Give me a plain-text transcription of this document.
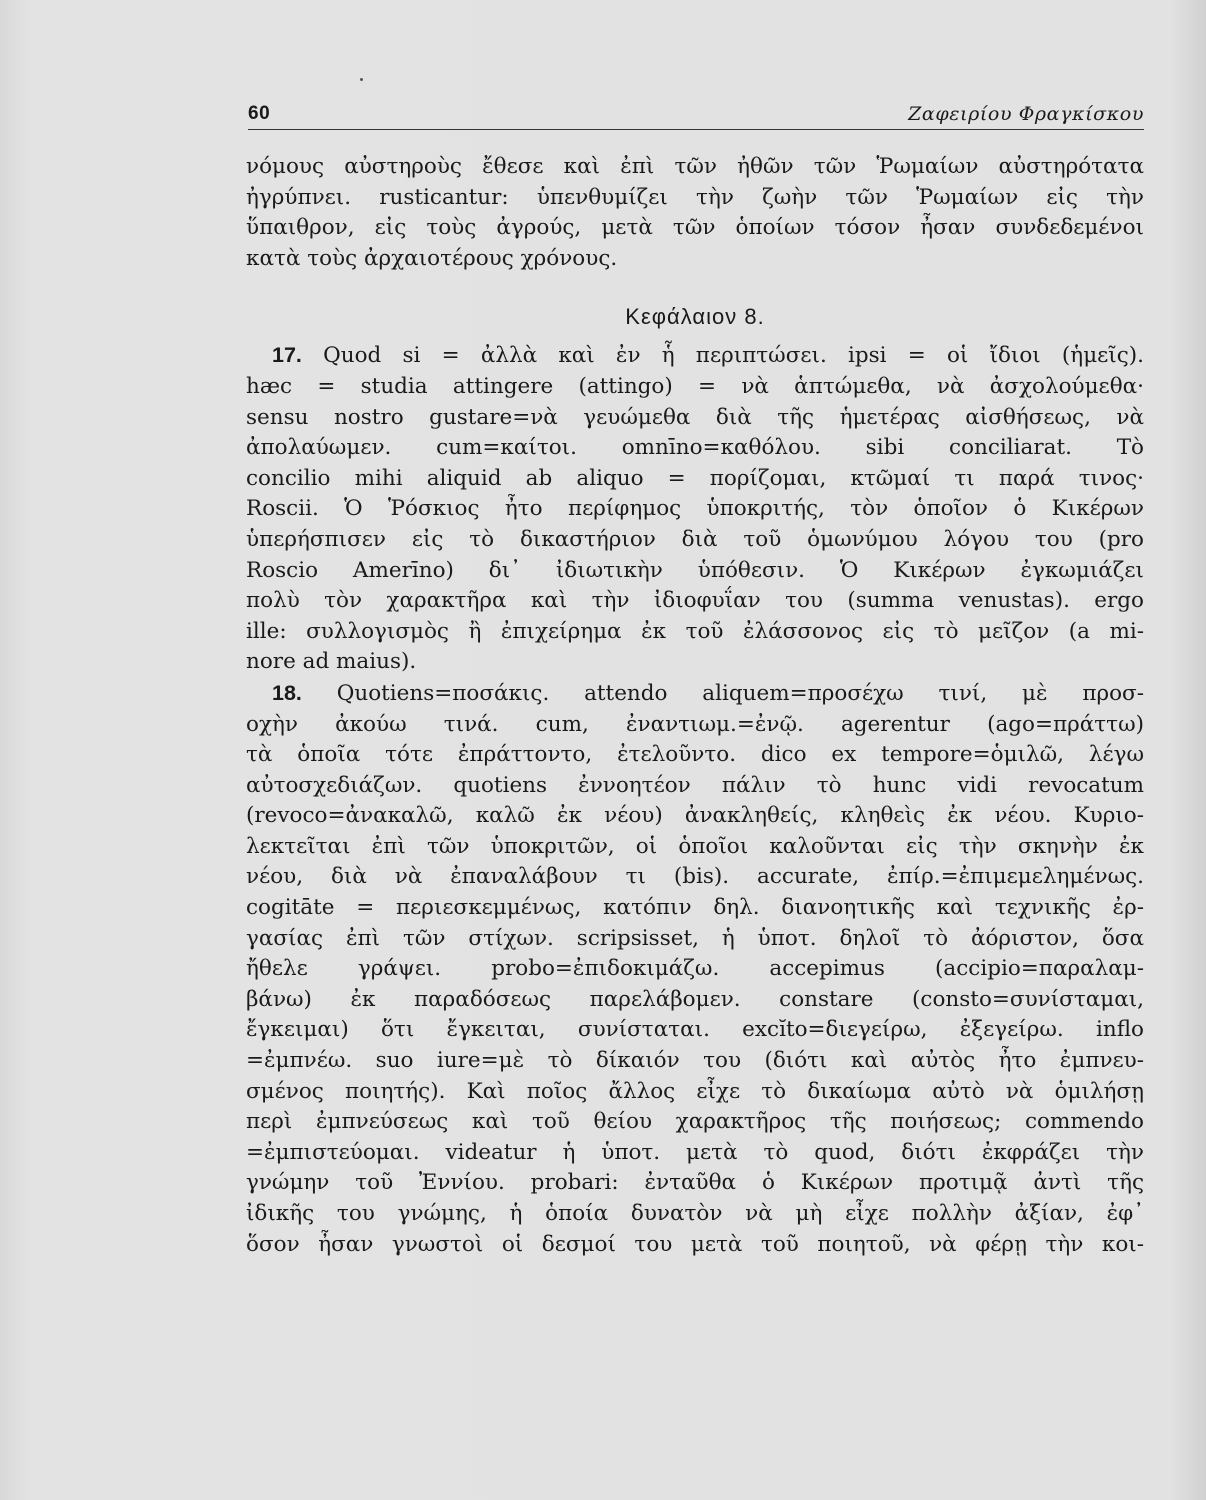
60	Ζαφειρίου Φραγκίσκου
νόμους αὐστηροὺς ἔθεσε καὶ ἐπὶ τῶν ἠθῶν τῶν Ῥωμαίων αὐστηρότατα
ἠγρύπνει. rusticantur: ὑπενθυμίζει τὴν ζωὴν τῶν Ῥωμαίων εἰς τὴν
ὕπαιθρον, εἰς τοὺς ἀγρούς, μετὰ τῶν ὁποίων τόσον ἦσαν συνδεδεμένοι
κατὰ τοὺς ἀρχαιοτέρους χρόνους.
Κεφάλαιον 8.
17. Quod si = ἀλλὰ καὶ ἐν ἧ περιπτώσει. ipsi = οἱ ἴδιοι (ἡμεῖς).
hæc = studia attingere (attingo) = νὰ ἁπτώμεθα, νὰ ἀσχολούμεθα·
sensu nostro gustare=νὰ γευώμεθα διὰ τῆς ἡμετέρας αἰσθήσεως, νὰ
ἀπολαύωμεν. cum=καίτοι. omnīno=καθόλου. sibi conciliarat. Τὸ
concilio mihi aliquid ab aliquo = πορίζομαι, κτῶμαί τι παρά τινος·
Roscii. Ὁ Ῥόσκιος ἦτο περίφημος ὑποκριτής, τὸν ὁποῖον ὁ Κικέρων
ὑπερήσπισεν εἰς τὸ δικαστήριον διὰ τοῦ ὁμωνύμου λόγου του (pro
Roscio Amerīno) δι᾿ ἰδιωτικὴν ὑπόθεσιν. Ὁ Κικέρων ἐγκωμιάζει
πολὺ τὸν χαρακτῆρα καὶ τὴν ἰδιοφυΐαν του (summa venustas). ergo
ille: συλλογισμὸς ἢ ἐπιχείρημα ἐκ τοῦ ἐλάσσονος εἰς τὸ μεῖζον (a mi-
nore ad maius).
18. Quotiens=ποσάκις. attendo aliquem=προσέχω τινί, μὲ προσ-
οχὴν ἀκούω τινά. cum, ἐναντιωμ.=ἐνῷ. agerentur (ago=πράττω)
τὰ ὁποῖα τότε ἐπράττοντο, ἐτελοῦντο. dico ex tempore=ὁμιλῶ, λέγω
αὐτοσχεδιάζων. quotiens ἐννοητέον πάλιν τὸ hunc vidi revocatum
(revoco=ἀνακαλῶ, καλῶ ἐκ νέου) ἀνακληθείς, κληθεὶς ἐκ νέου. Κυριο-
λεκτεῖται ἐπὶ τῶν ὑποκριτῶν, οἱ ὁποῖοι καλοῦνται εἰς τὴν σκηνὴν ἐκ
νέου, διὰ νὰ ἐπαναλάβουν τι (bis). accurate, ἐπίρ.=ἐπιμεμελημένως.
cogitāte = περιεσκεμμένως, κατόπιν δηλ. διανοητικῆς καὶ τεχνικῆς ἐρ-
γασίας ἐπὶ τῶν στίχων. scripsisset, ἡ ὑποτ. δηλοῖ τὸ ἀόριστον, ὅσα
ἤθελε γράψει. probo=ἐπιδοκιμάζω. accepimus (accipio=παραλαμ-
βάνω) ἐκ παραδόσεως παρελάβομεν. constare (consto=συνίσταμαι,
ἔγκειμαι) ὅτι ἔγκειται, συνίσταται. excĭto=διεγείρω, ἐξεγείρω. inflo
=ἐμπνέω. suo iure=μὲ τὸ δίκαιόν του (διότι καὶ αὐτὸς ἦτο ἐμπνευ-
σμένος ποιητής). Καὶ ποῖος ἄλλος εἶχε τὸ δικαίωμα αὐτὸ νὰ ὁμιλήσῃ
περὶ ἐμπνεύσεως καὶ τοῦ θείου χαρακτῆρος τῆς ποιήσεως; commendo
=ἐμπιστεύομαι. videatur ἡ ὑποτ. μετὰ τὸ quod, διότι ἐκφράζει τὴν
γνώμην τοῦ Ἐννίου. probari: ἐνταῦθα ὁ Κικέρων προτιμᾷ ἀντὶ τῆς
ἰδικῆς του γνώμης, ἡ ὁποία δυνατὸν νὰ μὴ εἶχε πολλὴν ἀξίαν, ἐφ᾿
ὅσον ἦσαν γνωστοὶ οἱ δεσμοί του μετὰ τοῦ ποιητοῦ, νὰ φέρῃ τὴν κοι-
